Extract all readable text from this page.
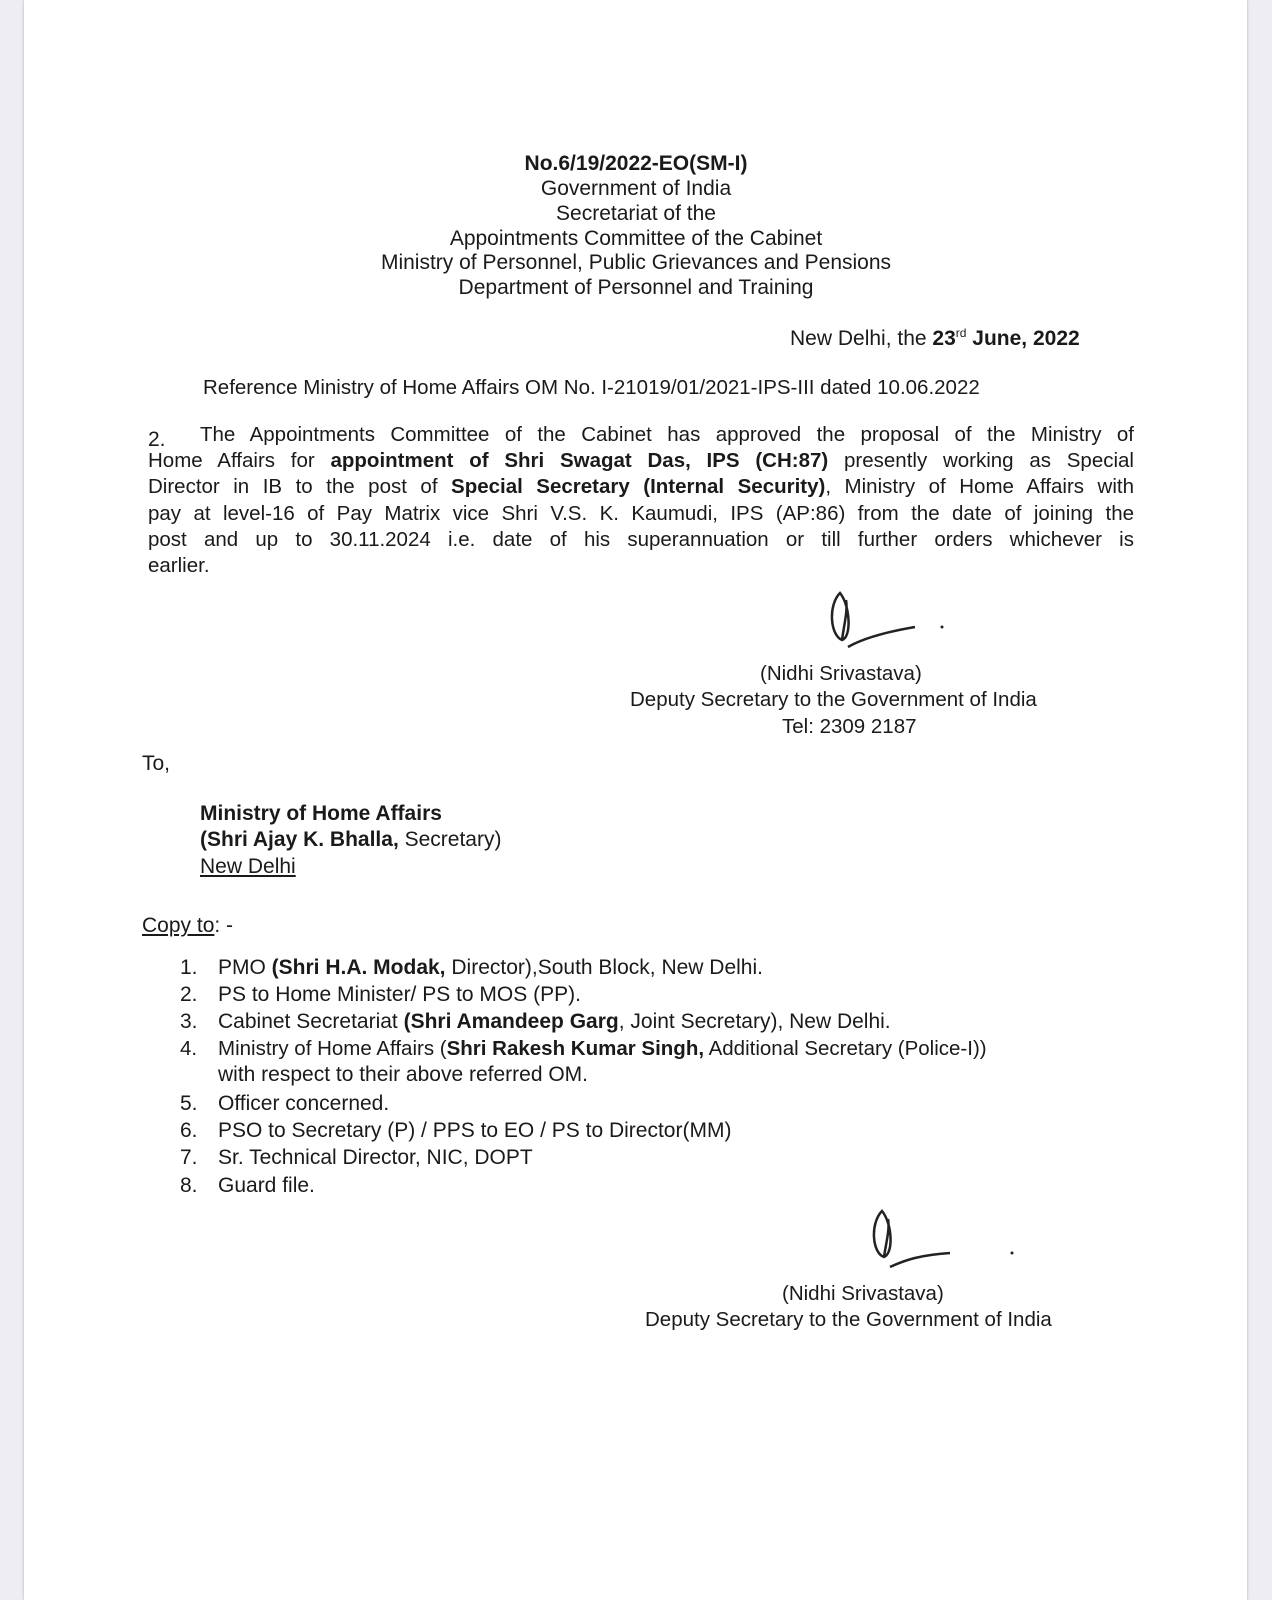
No.6/19/2022-EO(SM-I)
Government of India
Secretariat of the
Appointments Committee of the Cabinet
Ministry of Personnel, Public Grievances and Pensions
Department of Personnel and Training
New Delhi, the 23rd June, 2022
Reference Ministry of Home Affairs OM No. I-21019/01/2021-IPS-III dated 10.06.2022
2. The Appointments Committee of the Cabinet has approved the proposal of the Ministry of
Home Affairs for appointment of Shri Swagat Das, IPS (CH:87) presently working as Special
Director in IB to the post of Special Secretary (Internal Security), Ministry of Home Affairs with
pay at level-16 of Pay Matrix vice Shri V.S. K. Kaumudi, IPS (AP:86) from the date of joining the
post and up to 30.11.2024 i.e. date of his superannuation or till further orders whichever is
earlier.
(Nidhi Srivastava)
Deputy Secretary to the Government of India
Tel: 2309 2187
To,
Ministry of Home Affairs
(Shri Ajay K. Bhalla, Secretary)
New Delhi
Copy to: -
1. PMO (Shri H.A. Modak, Director),South Block, New Delhi.
2. PS to Home Minister/ PS to MOS (PP).
3. Cabinet Secretariat (Shri Amandeep Garg, Joint Secretary), New Delhi.
4. Ministry of Home Affairs (Shri Rakesh Kumar Singh, Additional Secretary (Police-I))
with respect to their above referred OM.
5. Officer concerned.
6. PSO to Secretary (P) / PPS to EO / PS to Director(MM)
7. Sr. Technical Director, NIC, DOPT
8. Guard file.
(Nidhi Srivastava)
Deputy Secretary to the Government of India
